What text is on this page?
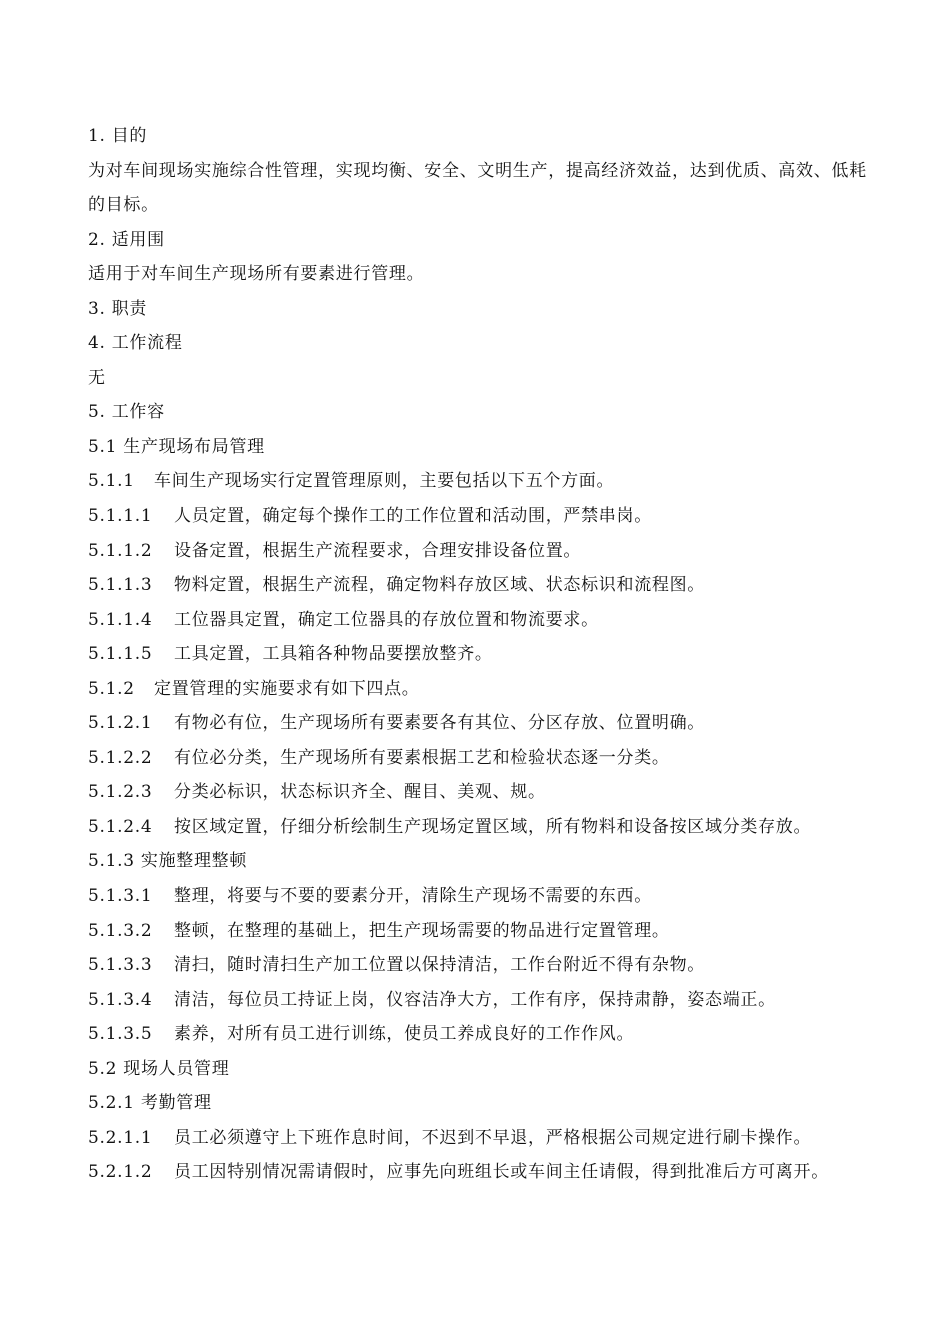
1. 目的
为对车间现场实施综合性管理，实现均衡、安全、文明生产，提高经济效益，达到优质、高效、低耗的目标。
2. 适用围
适用于对车间生产现场所有要素进行管理。
3. 职责
4. 工作流程
无
5. 工作容
5.1 生产现场布局管理
5.1.1 车间生产现场实行定置管理原则，主要包括以下五个方面。
5.1.1.1 人员定置，确定每个操作工的工作位置和活动围，严禁串岗。
5.1.1.2 设备定置，根据生产流程要求，合理安排设备位置。
5.1.1.3 物料定置，根据生产流程，确定物料存放区域、状态标识和流程图。
5.1.1.4 工位器具定置，确定工位器具的存放位置和物流要求。
5.1.1.5 工具定置，工具箱各种物品要摆放整齐。
5.1.2 定置管理的实施要求有如下四点。
5.1.2.1 有物必有位，生产现场所有要素要各有其位、分区存放、位置明确。
5.1.2.2 有位必分类，生产现场所有要素根据工艺和检验状态逐一分类。
5.1.2.3 分类必标识，状态标识齐全、醒目、美观、规。
5.1.2.4 按区域定置，仔细分析绘制生产现场定置区域，所有物料和设备按区域分类存放。
5.1.3 实施整理整顿
5.1.3.1 整理，将要与不要的要素分开，清除生产现场不需要的东西。
5.1.3.2 整顿，在整理的基础上，把生产现场需要的物品进行定置管理。
5.1.3.3 清扫，随时清扫生产加工位置以保持清洁，工作台附近不得有杂物。
5.1.3.4 清洁，每位员工持证上岗，仪容洁净大方，工作有序，保持肃静，姿态端正。
5.1.3.5 素养，对所有员工进行训练，使员工养成良好的工作作风。
5.2 现场人员管理
5.2.1 考勤管理
5.2.1.1 员工必须遵守上下班作息时间，不迟到不早退，严格根据公司规定进行刷卡操作。
5.2.1.2 员工因特别情况需请假时，应事先向班组长或车间主任请假，得到批准后方可离开。
